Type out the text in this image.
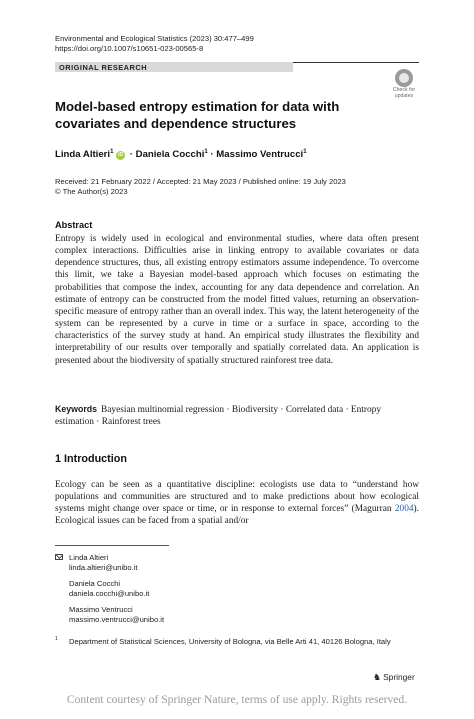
Environmental and Ecological Statistics (2023) 30:477–499
https://doi.org/10.1007/s10651-023-00565-8
ORIGINAL RESEARCH
Check for
updates
Model-based entropy estimation for data with covariates and dependence structures
Linda Altieri$^1$ iD · Daniela Cocchi$^1$ · Massimo Ventrucci$^1$
Received: 21 February 2022 / Accepted: 21 May 2023 / Published online: 19 July 2023
© The Author(s) 2023
Abstract
Entropy is widely used in ecological and environmental studies, where data often present complex interactions. Difficulties arise in linking entropy to available covariates or data dependence structures, thus, all existing entropy estimators assume independence. To overcome this limit, we take a Bayesian model-based approach which focuses on estimating the probabilities that compose the index, accounting for any data dependence and correlation. An estimate of entropy can be constructed from the model fitted values, returning an observation-specific measure of entropy rather than an overall index. This way, the latent heterogeneity of the system can be represented by a curve in time or a surface in space, according to the characteristics of the survey study at hand. An empirical study illustrates the flexibility and interpretability of our results over temporally and spatially correlated data. An application is presented about the biodiversity of spatially structured rainforest tree data.
Keywords Bayesian multinomial regression · Biodiversity · Correlated data · Entropy estimation · Rainforest trees
1 Introduction
Ecology can be seen as a quantitative discipline: ecologists use data to “understand how populations and communities are structured and to make predictions about how ecological systems might change over space or time, or in response to external forces” (Magurran 2004). Ecological issues can be faced from a spatial and/or
Linda Altieri
linda.altieri@unibo.it
Daniela Cocchi
daniela.cocchi@unibo.it
Massimo Ventrucci
massimo.ventrucci@unibo.it
1 Department of Statistical Sciences, University of Bologna, via Belle Arti 41, 40126 Bologna, Italy
♞ Springer
Content courtesy of Springer Nature, terms of use apply. Rights reserved.
